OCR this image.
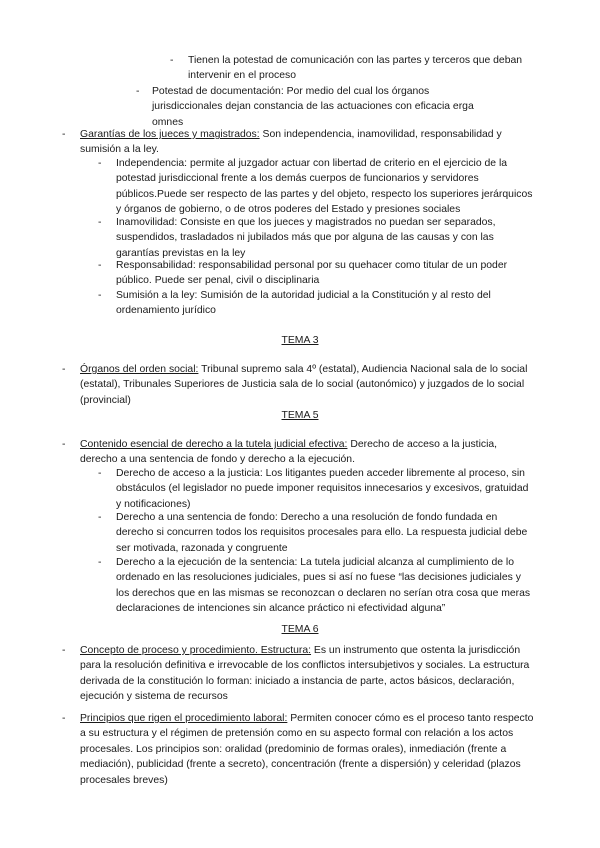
-	Tienen la potestad de comunicación con las partes y terceros que deban intervenir en el proceso
-	Potestad de documentación: Por medio del cual los órganos jurisdiccionales dejan constancia de las actuaciones con eficacia erga omnes
-	Garantías de los jueces y magistrados: Son independencia, inamovilidad, responsabilidad y sumisión a la ley.
-	Independencia: permite al juzgador actuar con libertad de criterio en el ejercicio de la potestad jurisdiccional frente a los demás cuerpos de funcionarios y servidores públicos.Puede ser respecto de las partes y del objeto, respecto los superiores jerárquicos y órganos de gobierno, o de otros poderes del Estado y presiones sociales
-	Inamovilidad: Consiste en que los jueces y magistrados no puedan ser separados, suspendidos, trasladados ni jubilados más que por alguna de las causas y con las garantías previstas en la ley
-	Responsabilidad: responsabilidad personal por su quehacer como titular de un poder público. Puede ser penal, civil o disciplinaria
-	Sumisión a la ley: Sumisión de la autoridad judicial a la Constitución y al resto del ordenamiento jurídico
TEMA 3
-	Órganos del orden social: Tribunal supremo sala 4º (estatal), Audiencia Nacional sala de lo social (estatal), Tribunales Superiores de Justicia sala de lo social (autonómico) y juzgados de lo social (provincial)
TEMA 5
-	Contenido esencial de derecho a la tutela judicial efectiva: Derecho de acceso a la justicia, derecho a una sentencia de fondo y derecho a la ejecución.
-	Derecho de acceso a la justicia: Los litigantes pueden acceder libremente al proceso, sin obstáculos (el legislador no puede imponer requisitos innecesarios y excesivos, gratuidad y notificaciones)
-	Derecho a una sentencia de fondo: Derecho a una resolución de fondo fundada en derecho si concurren todos los requisitos procesales para ello. La respuesta judicial debe ser motivada, razonada y congruente
-	Derecho a la ejecución de la sentencia: La tutela judicial alcanza al cumplimiento de lo ordenado en las resoluciones judiciales, pues si así no fuese “las decisiones judiciales y los derechos que en las mismas se reconozcan o declaren no serían otra cosa que meras declaraciones de intenciones sin alcance práctico ni efectividad alguna”
TEMA 6
-	Concepto de proceso y procedimiento. Estructura: Es un instrumento que ostenta la jurisdicción para la resolución definitiva e irrevocable de los conflictos intersubjetivos y sociales. La estructura derivada de la constitución lo forman: iniciado a instancia de parte, actos básicos, declaración, ejecución y sistema de recursos
-	Principios que rigen el procedimiento laboral: Permiten conocer cómo es el proceso tanto respecto a su estructura y el régimen de pretensión como en su aspecto formal con relación a los actos procesales. Los principios son: oralidad (predominio de formas orales), inmediación (frente a mediación), publicidad (frente a secreto), concentración (frente a dispersión) y celeridad (plazos procesales breves)
